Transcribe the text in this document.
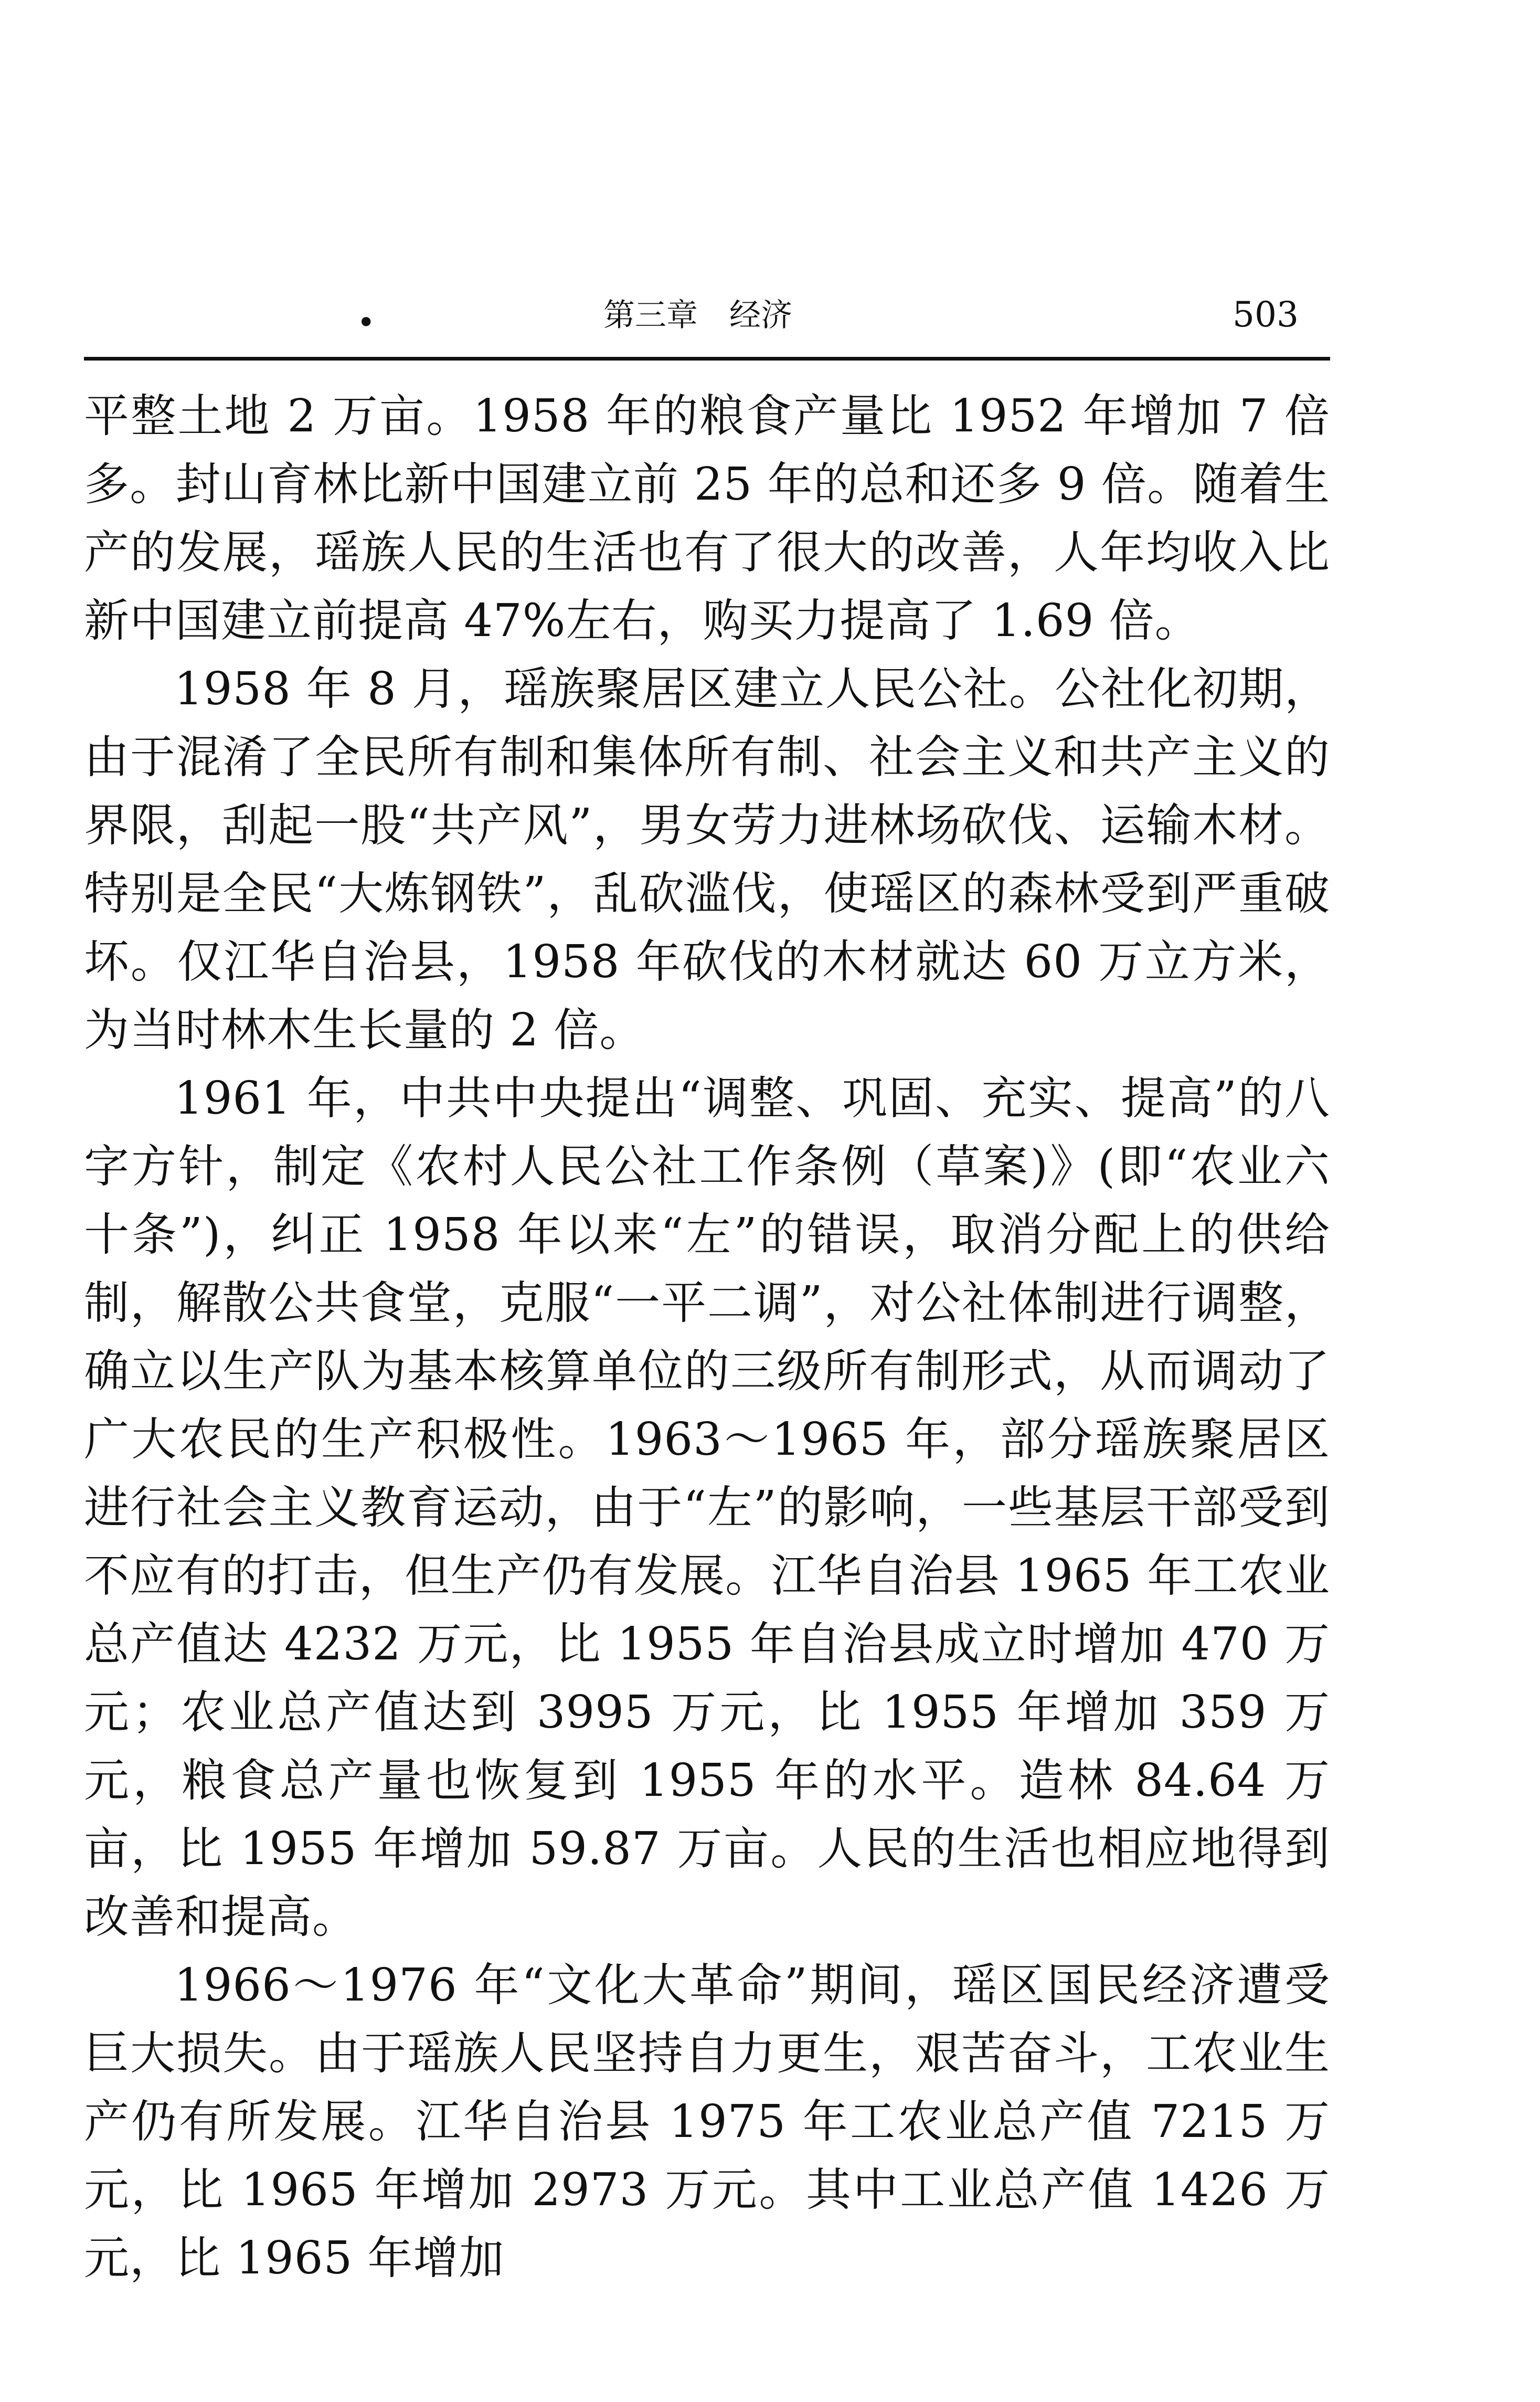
•	第三章　经济	503

平整土地 2 万亩。1958 年的粮食产量比 1952 年增加 7 倍多。封山育林比新中国建立前 25 年的总和还多 9 倍。随着生产的发展，瑶族人民的生活也有了很大的改善，人年均收入比新中国建立前提高 47%左右，购买力提高了 1.69 倍。

1958 年 8 月，瑶族聚居区建立人民公社。公社化初期，由于混淆了全民所有制和集体所有制、社会主义和共产主义的界限，刮起一股“共产风”，男女劳力进林场砍伐、运输木材。特别是全民“大炼钢铁”，乱砍滥伐，使瑶区的森林受到严重破坏。仅江华自治县，1958 年砍伐的木材就达 60 万立方米，为当时林木生长量的 2 倍。

1961 年，中共中央提出“调整、巩固、充实、提高”的八字方针，制定《农村人民公社工作条例（草案)》(即“农业六十条”)，纠正 1958 年以来“左”的错误，取消分配上的供给制，解散公共食堂，克服“一平二调”，对公社体制进行调整，确立以生产队为基本核算单位的三级所有制形式，从而调动了广大农民的生产积极性。1963～1965 年，部分瑶族聚居区进行社会主义教育运动，由于“左”的影响，一些基层干部受到不应有的打击，但生产仍有发展。江华自治县 1965 年工农业总产值达 4232 万元，比 1955 年自治县成立时增加 470 万元；农业总产值达到 3995 万元，比 1955 年增加 359 万元，粮食总产量也恢复到 1955 年的水平。造林 84.64 万亩，比 1955 年增加 59.87 万亩。人民的生活也相应地得到改善和提高。

1966～1976 年“文化大革命”期间，瑶区国民经济遭受巨大损失。由于瑶族人民坚持自力更生，艰苦奋斗，工农业生产仍有所发展。江华自治县 1975 年工农业总产值 7215 万元，比 1965 年增加 2973 万元。其中工业总产值 1426 万元，比 1965 年增加
